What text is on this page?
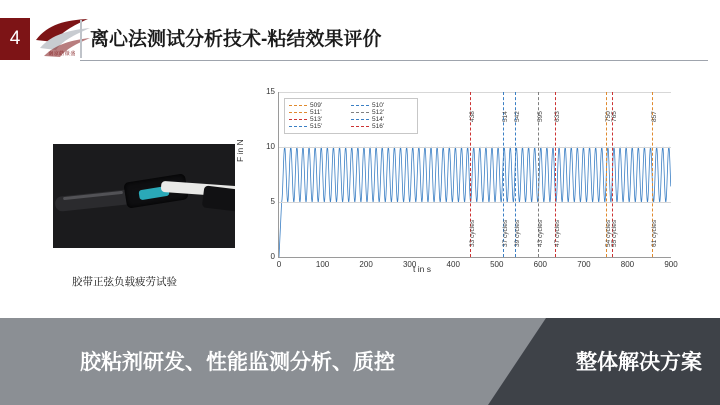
4
南京皓薇盛
离心法测试分析技术-粘结效果评价
胶带正弦负载疲劳试验
F in N
0
5
10
15
0	100	200	300	400	500	600	700	800	900
438
33 cycles
514
37 cycles
542
39 cycles
595
43 cycles
633
47 cycles
750
54 cycles
765
55 cycles
857
61 cycles
t in s
509'	510'
511'	512'
513'	514'
515'	516'
胶粘剂研发、性能监测分析、质控	整体解决方案
